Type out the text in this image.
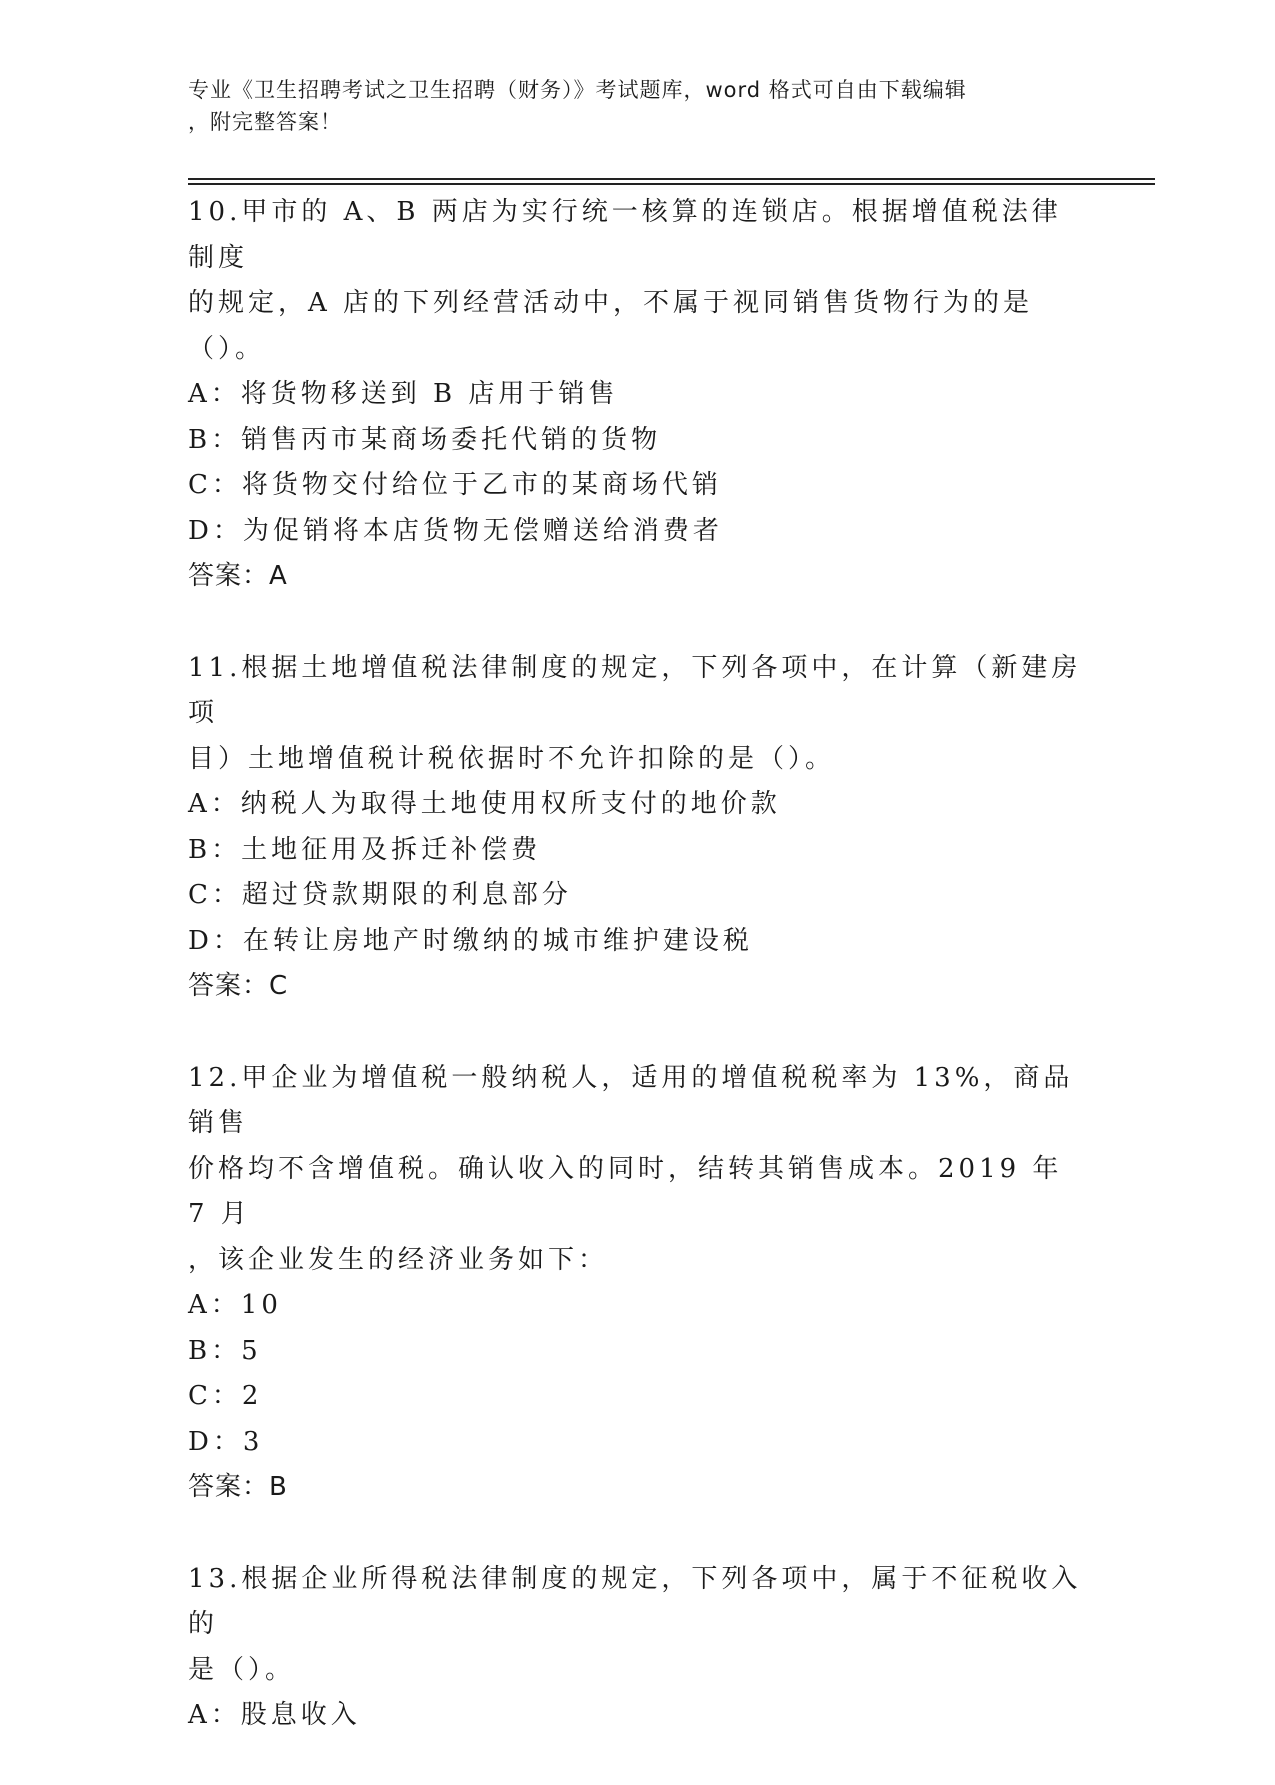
专业《卫生招聘考试之卫生招聘（财务）》考试题库，word 格式可自由下载编辑
，附完整答案！

10.甲市的 A、B 两店为实行统一核算的连锁店。根据增值税法律制度
的规定，A 店的下列经营活动中，不属于视同销售货物行为的是（）。

A：将货物移送到 B 店用于销售

B：销售丙市某商场委托代销的货物

C：将货物交付给位于乙市的某商场代销

D：为促销将本店货物无偿赠送给消费者

答案：A

11.根据土地增值税法律制度的规定，下列各项中，在计算（新建房项
目）土地增值税计税依据时不允许扣除的是（）。

A：纳税人为取得土地使用权所支付的地价款

B：土地征用及拆迁补偿费

C：超过贷款期限的利息部分

D：在转让房地产时缴纳的城市维护建设税

答案：C

12.甲企业为增值税一般纳税人，适用的增值税税率为 13%，商品销售
价格均不含增值税。确认收入的同时，结转其销售成本。2019 年 7 月
，该企业发生的经济业务如下：

A：10

B：5

C：2

D：3

答案：B

13.根据企业所得税法律制度的规定，下列各项中，属于不征税收入的
是（）。

A：股息收入
